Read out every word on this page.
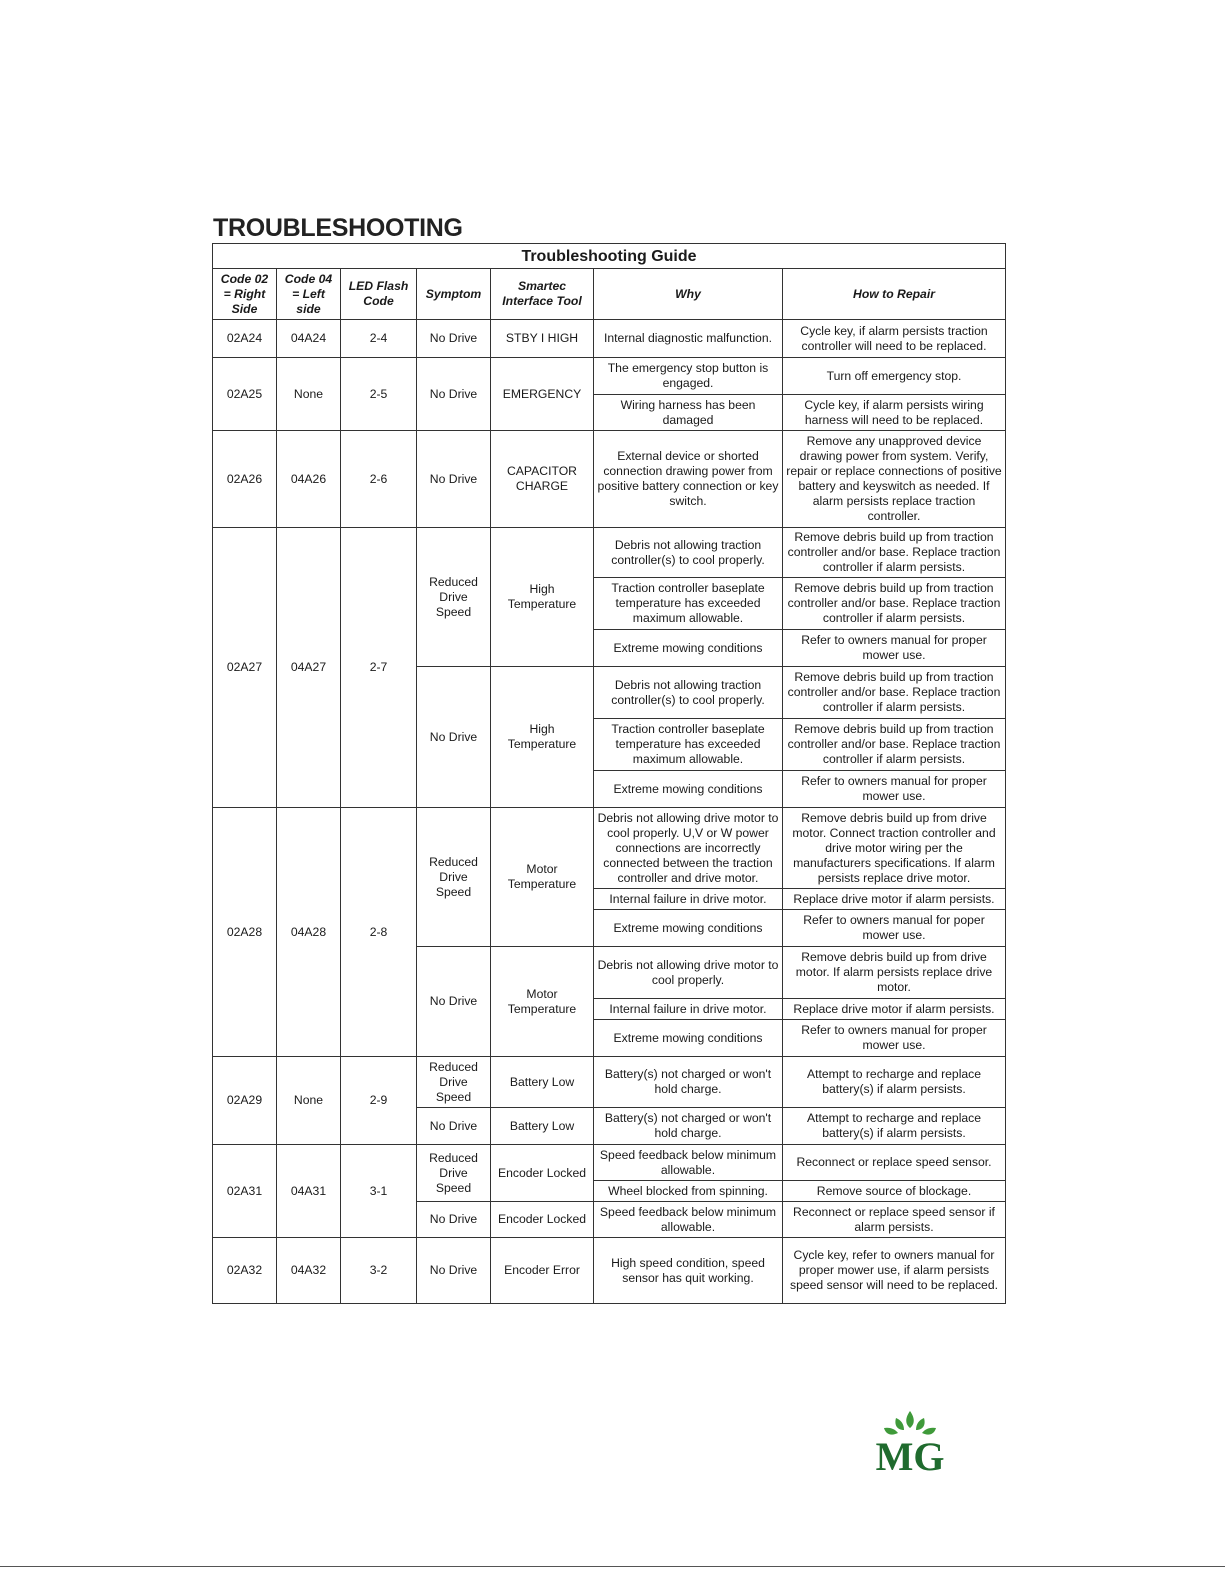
TROUBLESHOOTING
Troubleshooting Guide						
Code 02 = Right Side	Code 04 = Left side	LED Flash Code	Symptom	Smartec Interface Tool	Why	How to Repair
02A24	04A24	2-4	No Drive	STBY I HIGH	Internal diagnostic malfunction.	Cycle key, if alarm persists traction controller will need to be replaced.
02A25	None	2-5	No Drive	EMERGENCY	The emergency stop button is engaged.	Turn off emergency stop.
					Wiring harness has been damaged	Cycle key, if alarm persists wiring harness will need to be replaced.
02A26	04A26	2-6	No Drive	CAPACITOR CHARGE	External device or shorted connection drawing power from positive battery connection or key switch.	Remove any unapproved device drawing power from system. Verify, repair or replace connections of positive battery and keyswitch as needed. If alarm persists replace traction controller.
02A27	04A27	2-7	Reduced Drive Speed	High Temperature	Debris not allowing traction controller(s) to cool properly.	Remove debris build up from traction controller and/or base. Replace traction controller if alarm persists.
					Traction controller baseplate temperature has exceeded maximum allowable.	Remove debris build up from traction controller and/or base. Replace traction controller if alarm persists.
					Extreme mowing conditions	Refer to owners manual for proper mower use.
			No Drive	High Temperature	Debris not allowing traction controller(s) to cool properly.	Remove debris build up from traction controller and/or base. Replace traction controller if alarm persists.
					Traction controller baseplate temperature has exceeded maximum allowable.	Remove debris build up from traction controller and/or base. Replace traction controller if alarm persists.
					Extreme mowing conditions	Refer to owners manual for proper mower use.
02A28	04A28	2-8	Reduced Drive Speed	Motor Temperature	Debris not allowing drive motor to cool properly. U,V or W power connections are incorrectly connected between the traction controller and drive motor.	Remove debris build up from drive motor. Connect traction controller and drive motor wiring per the manufacturers specifications. If alarm persists replace drive motor.
					Internal failure in drive motor.	Replace drive motor if alarm persists.
					Extreme mowing conditions	Refer to owners manual for poper mower use.
			No Drive	Motor Temperature	Debris not allowing drive motor to cool properly.	Remove debris build up from drive motor. If alarm persists replace drive motor.
					Internal failure in drive motor.	Replace drive motor if alarm persists.
					Extreme mowing conditions	Refer to owners manual for proper mower use.
02A29	None	2-9	Reduced Drive Speed	Battery Low	Battery(s) not charged or won't hold charge.	Attempt to recharge and replace battery(s) if alarm persists.
			No Drive	Battery Low	Battery(s) not charged or won't hold charge.	Attempt to recharge and replace battery(s) if alarm persists.
02A31	04A31	3-1	Reduced Drive Speed	Encoder Locked	Speed feedback below minimum allowable.	Reconnect or replace speed sensor.
					Wheel blocked from spinning.	Remove source of blockage.
			No Drive	Encoder Locked	Speed feedback below minimum allowable.	Reconnect or replace speed sensor if alarm persists.
02A32	04A32	3-2	No Drive	Encoder Error	High speed condition, speed sensor has quit working.	Cycle key, refer to owners manual for proper mower use, if alarm persists speed sensor will need to be replaced.
MG
